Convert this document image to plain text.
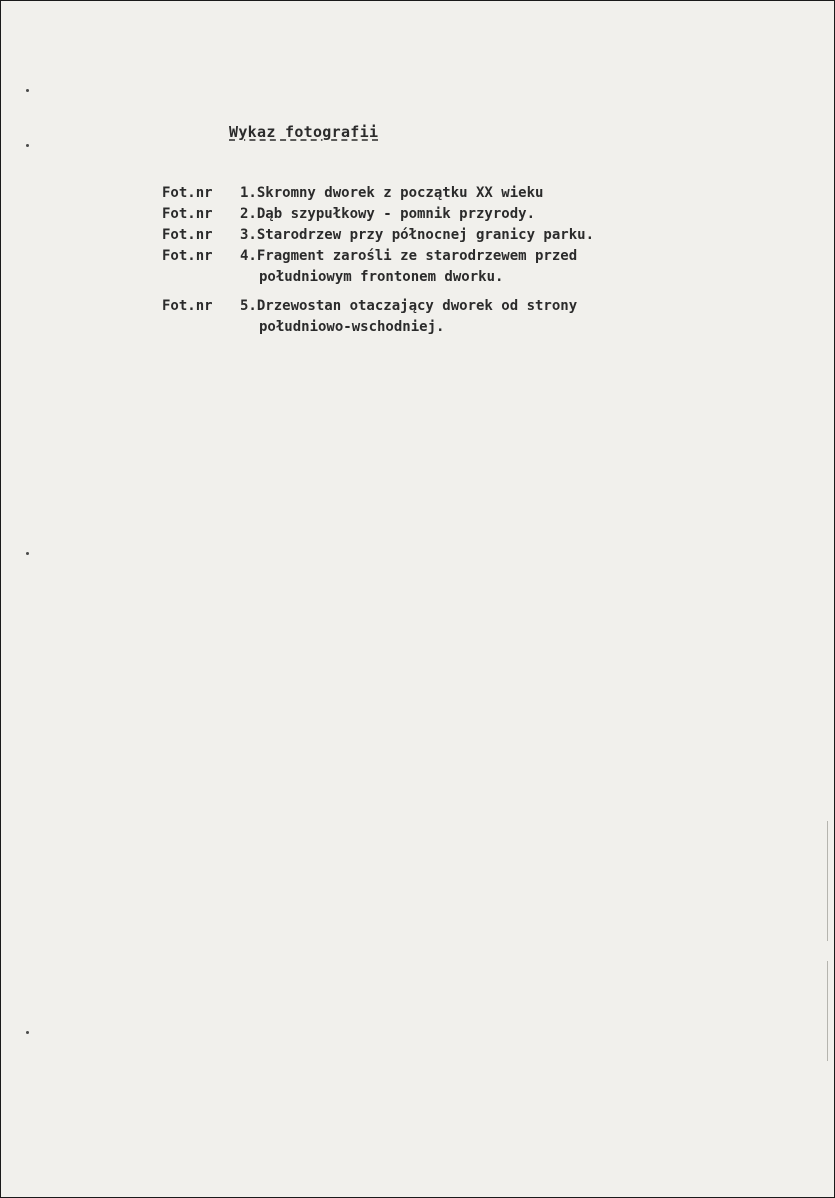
Wykaz fotografii
Fot.nr	1.Skromny dworek z początku XX wieku
Fot.nr	2.Dąb szypułkowy - pomnik przyrody.
Fot.nr	3.Starodrzew przy północnej granicy parku.
Fot.nr	4.Fragment zarośli ze starodrzewem przed
południowym frontonem dworku.
Fot.nr	5.Drzewostan otaczający dworek od strony
południowo-wschodniej.
